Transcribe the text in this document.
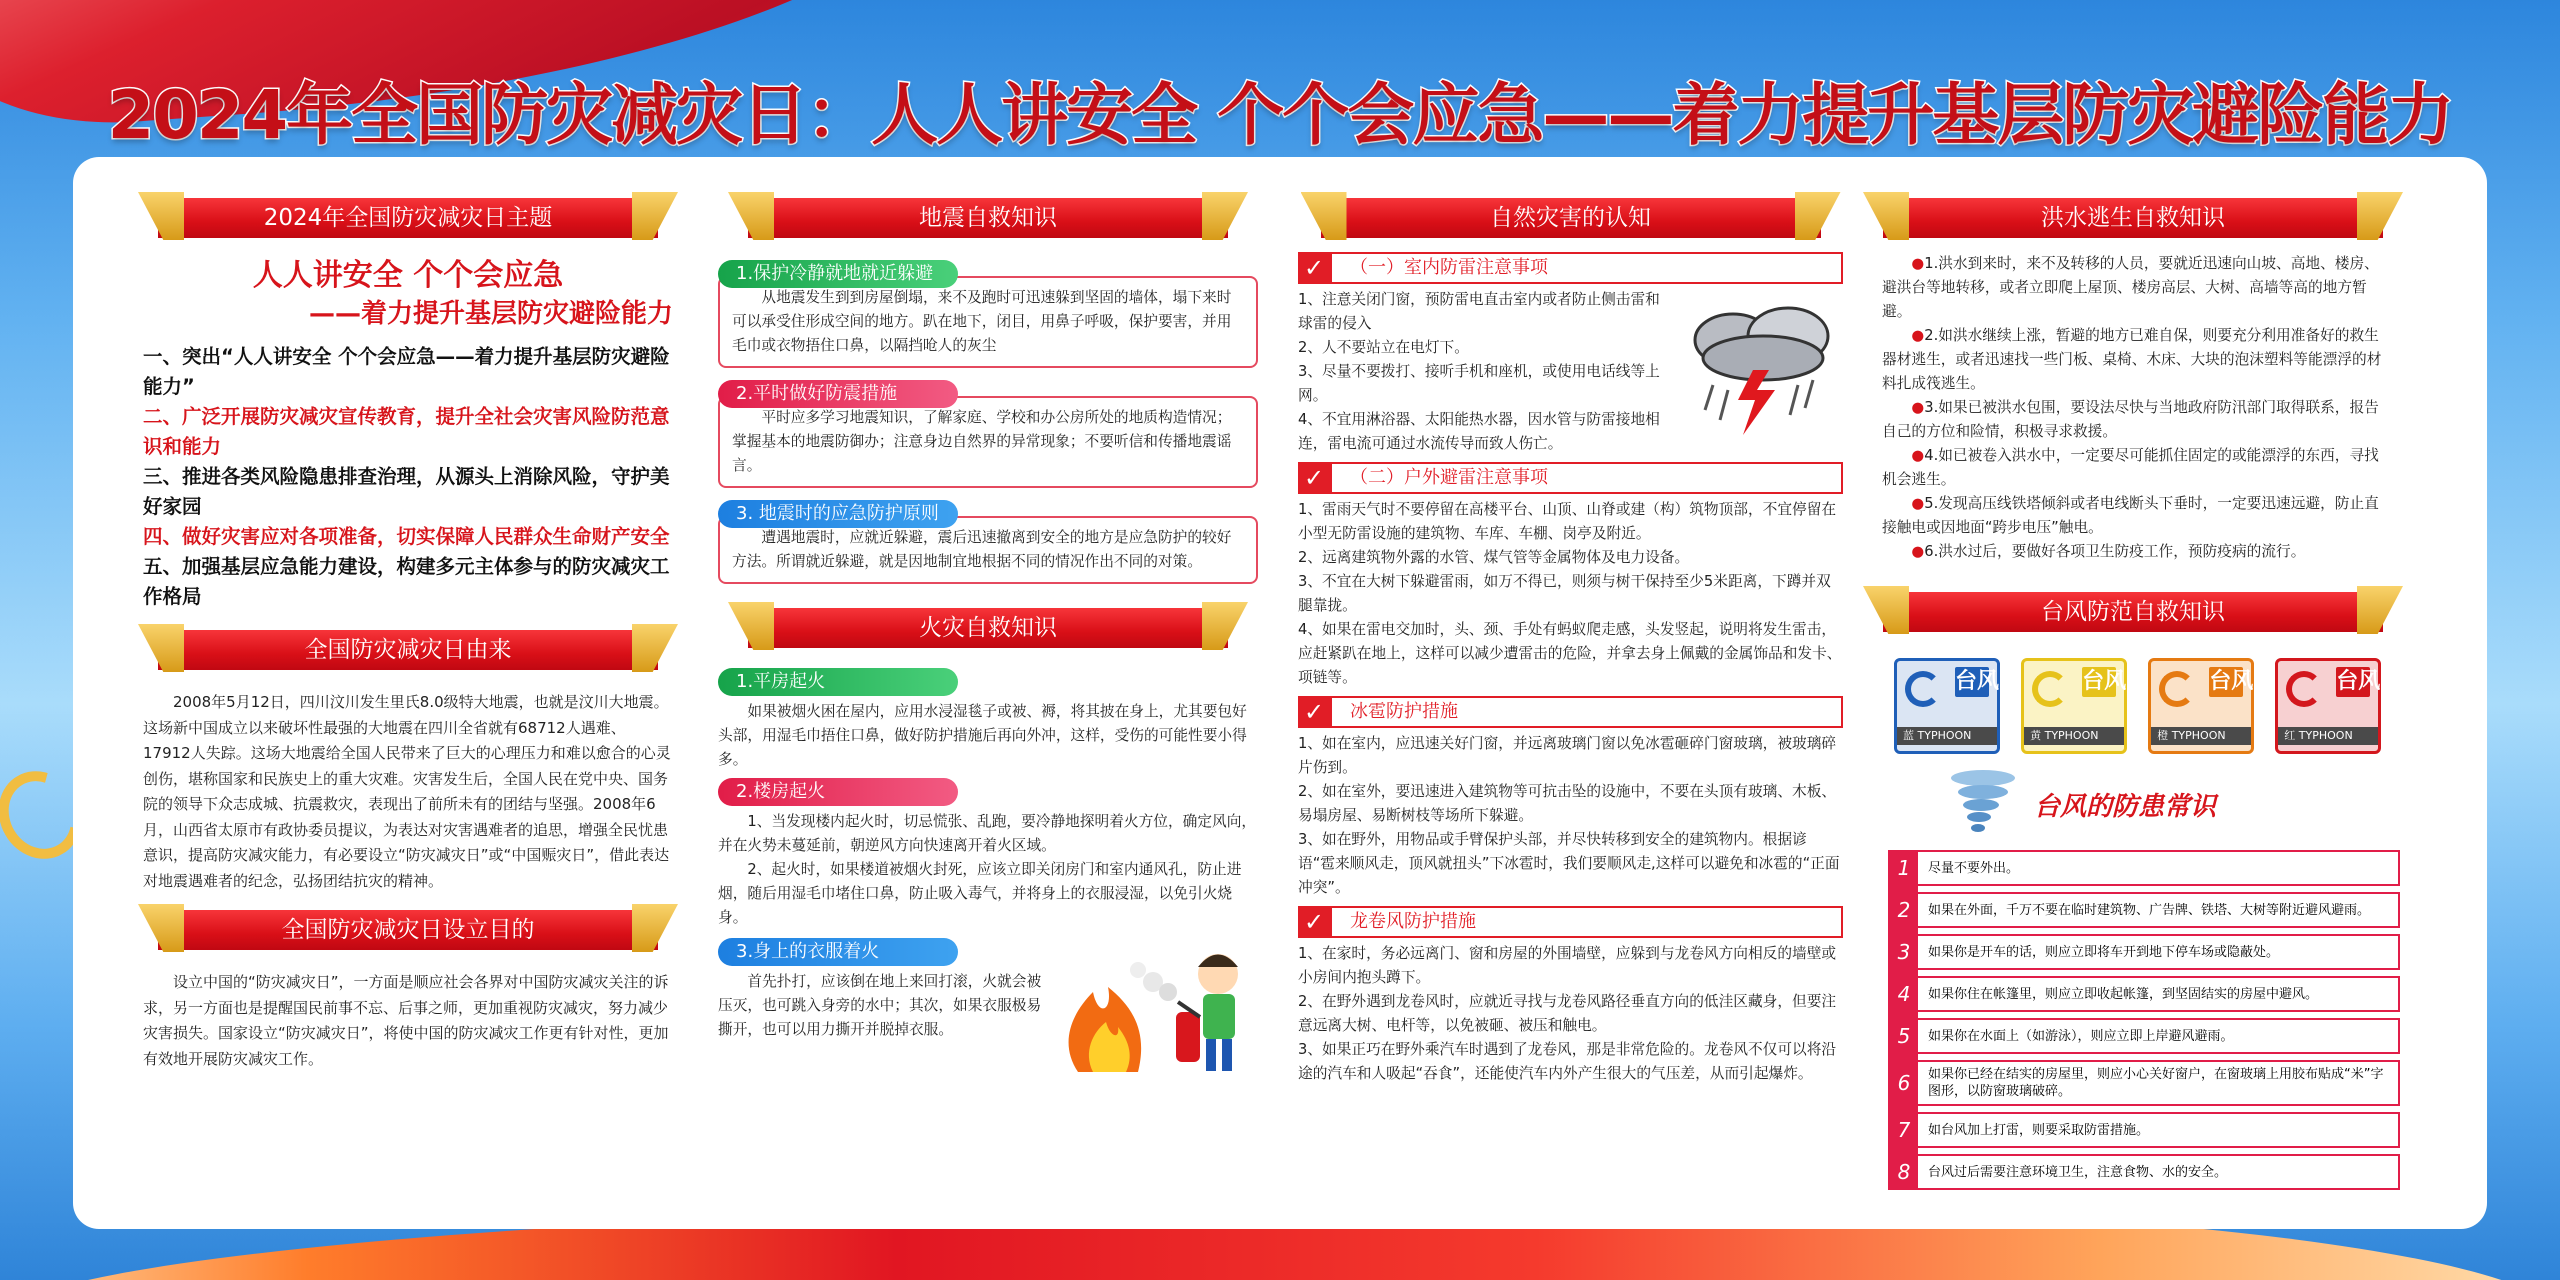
2024年全国防灾减灾日：人人讲安全 个个会应急——着力提升基层防灾避险能力
2024年全国防灾减灾日主题
人人讲安全 个个会应急
——着力提升基层防灾避险能力
一、突出“人人讲安全 个个会应急——着力提升基层防灾避险能力”
二、广泛开展防灾减灾宣传教育，提升全社会灾害风险防范意识和能力
三、推进各类风险隐患排查治理，从源头上消除风险，守护美好家园
四、做好灾害应对各项准备，切实保障人民群众生命财产安全
五、加强基层应急能力建设，构建多元主体参与的防灾减灾工作格局
全国防灾减灾日由来
2008年5月12日，四川汶川发生里氏8.0级特大地震，也就是汶川大地震。这场新中国成立以来破坏性最强的大地震在四川全省就有68712人遇难、17912人失踪。这场大地震给全国人民带来了巨大的心理压力和难以愈合的心灵创伤，堪称国家和民族史上的重大灾难。灾害发生后，全国人民在党中央、国务院的领导下众志成城、抗震救灾，表现出了前所未有的团结与坚强。2008年6月，山西省太原市有政协委员提议，为表达对灾害遇难者的追思，增强全民忧患意识，提高防灾减灾能力，有必要设立“防灾减灾日”或“中国赈灾日”，借此表达对地震遇难者的纪念，弘扬团结抗灾的精神。
全国防灾减灾日设立目的
设立中国的“防灾减灾日”，一方面是顺应社会各界对中国防灾减灾关注的诉求，另一方面也是提醒国民前事不忘、后事之师，更加重视防灾减灾，努力减少灾害损失。国家设立“防灾减灾日”，将使中国的防灾减灾工作更有针对性，更加有效地开展防灾减灾工作。
地震自救知识
1.保护冷静就地就近躲避
从地震发生到到房屋倒塌，来不及跑时可迅速躲到坚固的墙体，塌下来时可以承受住形成空间的地方。趴在地下，闭目，用鼻子呼吸，保护要害，并用毛巾或衣物捂住口鼻，以隔挡呛人的灰尘
2.平时做好防震措施
平时应多学习地震知识，了解家庭、学校和办公房所处的地质构造情况；掌握基本的地震防御办；注意身边自然界的异常现象；不要听信和传播地震谣言。
3. 地震时的应急防护原则
遭遇地震时，应就近躲避，震后迅速撤离到安全的地方是应急防护的较好方法。所谓就近躲避，就是因地制宜地根据不同的情况作出不同的对策。
火灾自救知识
1.平房起火
如果被烟火困在屋内，应用水浸湿毯子或被、褥，将其披在身上，尤其要包好头部，用湿毛巾捂住口鼻，做好防护措施后再向外冲，这样，受伤的可能性要小得多。
2.楼房起火
1、当发现楼内起火时，切忌慌张、乱跑，要冷静地探明着火方位，确定风向，并在火势未蔓延前，朝逆风方向快速离开着火区域。
2、起火时，如果楼道被烟火封死，应该立即关闭房门和室内通风孔，防止进烟，随后用湿毛巾堵住口鼻，防止吸入毒气，并将身上的衣服浸湿，以免引火烧身。
3.身上的衣服着火
首先扑打，应该倒在地上来回打滚，火就会被压灭，也可跳入身旁的水中；其次，如果衣服极易撕开，也可以用力撕开并脱掉衣服。
自然灾害的认知
✓	（一）室内防雷注意事项
1、注意关闭门窗，预防雷电直击室内或者防止侧击雷和球雷的侵入
2、人不要站立在电灯下。
3、尽量不要拨打、接听手机和座机，或使用电话线等上网。
4、不宜用淋浴器、太阳能热水器，因水管与防雷接地相连，雷电流可通过水流传导而致人伤亡。
✓	（二）户外避雷注意事项
1、雷雨天气时不要停留在高楼平台、山顶、山脊或建（构）筑物顶部，不宜停留在小型无防雷设施的建筑物、车库、车棚、岗亭及附近。
2、远离建筑物外露的水管、煤气管等金属物体及电力设备。
3、不宜在大树下躲避雷雨，如万不得已，则须与树干保持至少5米距离，下蹲并双腿靠拢。
4、如果在雷电交加时，头、颈、手处有蚂蚁爬走感，头发竖起，说明将发生雷击，应赶紧趴在地上，这样可以减少遭雷击的危险，并拿去身上佩戴的金属饰品和发卡、项链等。
✓	冰雹防护措施
1、如在室内，应迅速关好门窗，并远离玻璃门窗以免冰雹砸碎门窗玻璃，被玻璃碎片伤到。
2、如在室外，要迅速进入建筑物等可抗击坠的设施中，不要在头顶有玻璃、木板、易塌房屋、易断树枝等场所下躲避。
3、如在野外，用物品或手臂保护头部，并尽快转移到安全的建筑物内。根据谚语“雹来顺风走，顶风就扭头”下冰雹时，我们要顺风走,这样可以避免和冰雹的“正面冲突”。
✓	龙卷风防护措施
1、在家时，务必远离门、窗和房屋的外围墙壁，应躲到与龙卷风方向相反的墙壁或小房间内抱头蹲下。
2、在野外遇到龙卷风时，应就近寻找与龙卷风路径垂直方向的低洼区藏身，但要注意远离大树、电杆等，以免被砸、被压和触电。
3、如果正巧在野外乘汽车时遇到了龙卷风，那是非常危险的。龙卷风不仅可以将沿途的汽车和人吸起“吞食”，还能使汽车内外产生很大的气压差，从而引起爆炸。
洪水逃生自救知识
●1.洪水到来时，来不及转移的人员，要就近迅速向山坡、高地、楼房、避洪台等地转移，或者立即爬上屋顶、楼房高层、大树、高墙等高的地方暂避。
●2.如洪水继续上涨，暂避的地方已难自保，则要充分利用准备好的救生器材逃生，或者迅速找一些门板、桌椅、木床、大块的泡沫塑料等能漂浮的材料扎成筏逃生。
●3.如果已被洪水包围，要设法尽快与当地政府防汛部门取得联系，报告自己的方位和险情，积极寻求救援。
●4.如已被卷入洪水中，一定要尽可能抓住固定的或能漂浮的东西，寻找机会逃生。
●5.发现高压线铁塔倾斜或者电线断头下垂时，一定要迅速远避，防止直接触电或因地面“跨步电压”触电。
●6.洪水过后，要做好各项卫生防疫工作，预防疫病的流行。
台风防范自救知识
台风
蓝 TYPHOON

台风
黄 TYPHOON

台风
橙 TYPHOON

台风
红 TYPHOON
台风的防患常识
1	尽量不要外出。
2	如果在外面，千万不要在临时建筑物、广告牌、铁塔、大树等附近避风避雨。
3	如果你是开车的话，则应立即将车开到地下停车场或隐蔽处。
4	如果你住在帐篷里，则应立即收起帐篷，到坚固结实的房屋中避风。
5	如果你在水面上（如游泳），则应立即上岸避风避雨。
6	如果你已经在结实的房屋里，则应小心关好窗户，在窗玻璃上用胶布贴成“米”字图形，以防窗玻璃破碎。
7	如台风加上打雷，则要采取防雷措施。
8	台风过后需要注意环境卫生，注意食物、水的安全。
